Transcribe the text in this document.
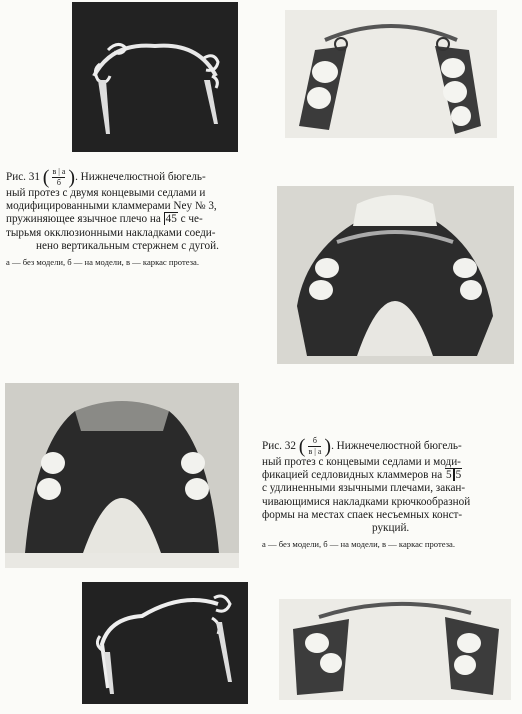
Рис. 31 ( $\frac{в | а}{б}$ ). Нижнечелюстной бюгель-
ный протез с двумя концевыми седлами и
модифицированными кламмерами Ney № 3,
пружиняющее язычное плечо на 45 с че-
тырьмя окклюзионными накладками соеди-
нено вертикальным стержнем с дугой.
а — без модели, б — на модели, в — каркас протеза.
Рис. 32 ( $\frac{б}{в | а}$ ). Нижнечелюстной бюгель-
ный протез с концевыми седлами и моди-
фикацией седловидных кламмеров на 5 5
с удлиненными язычными плечами, закан-
чивающимися накладками крючкообразной
формы на местах спаек несъемных конст-
рукций.
а — без модели, б — на модели, в — каркас протеза.
